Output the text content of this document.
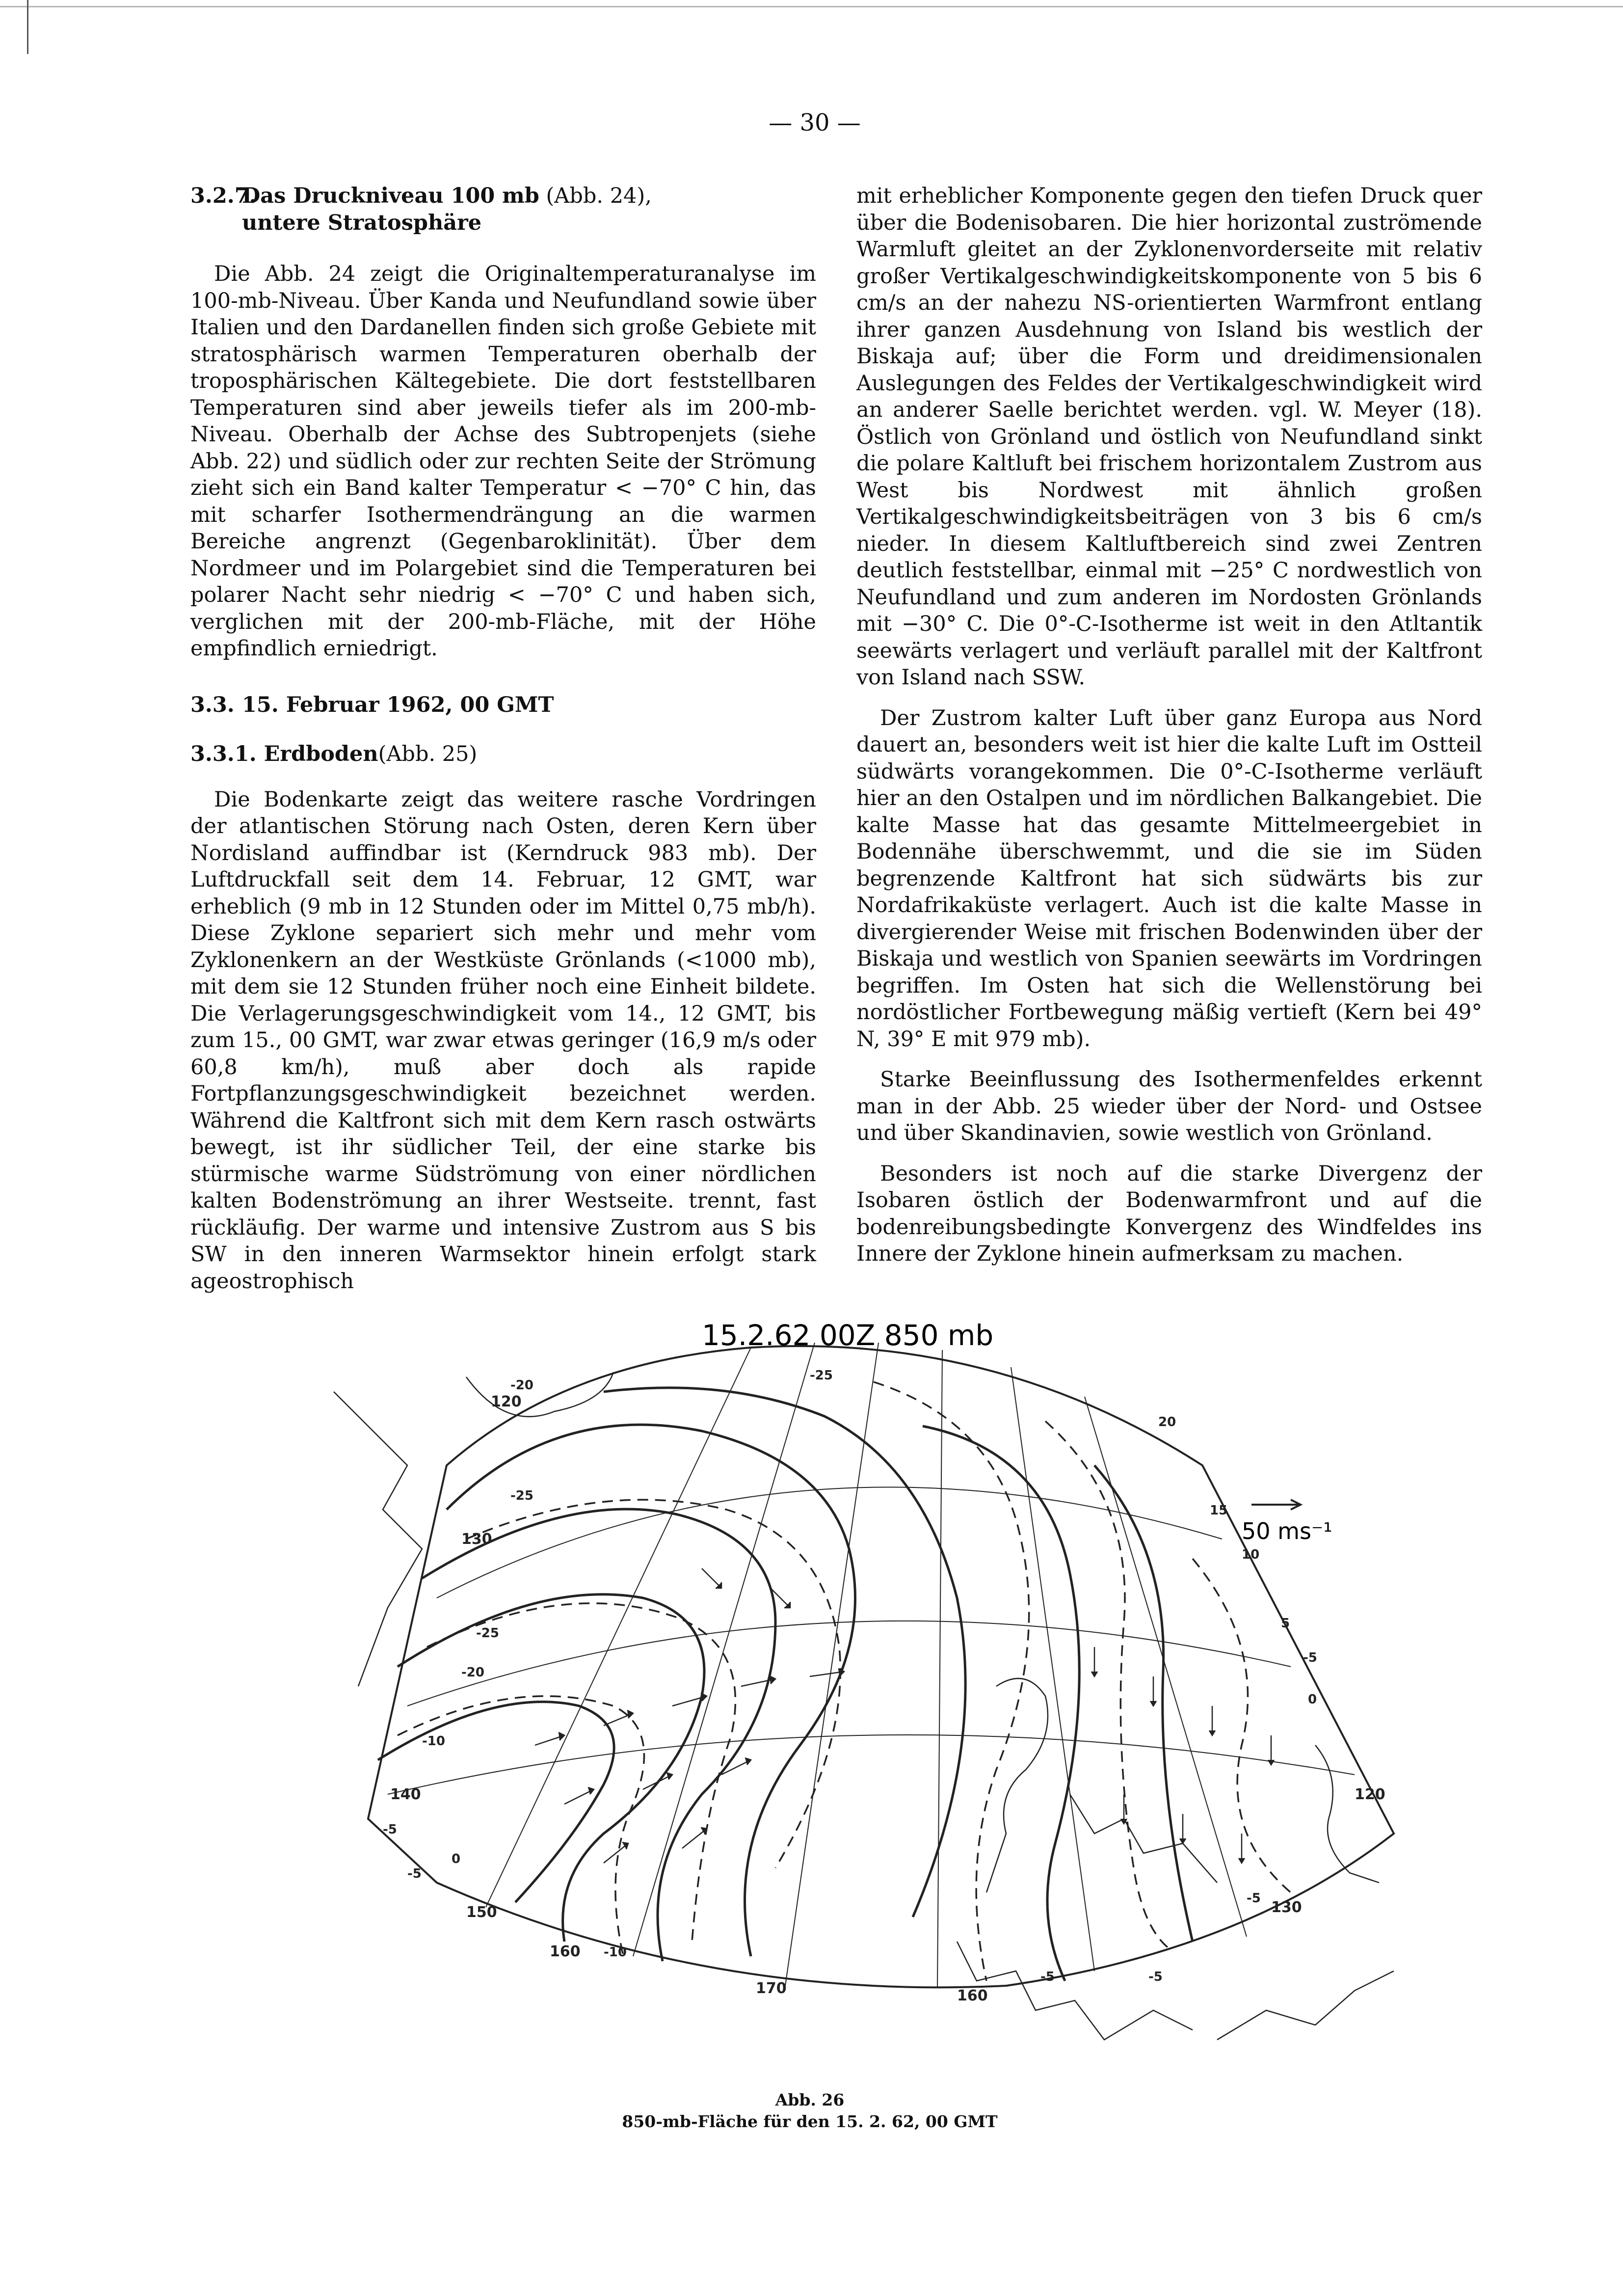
— 30 —
3.2.7.
Das Druckniveau 100 mb (Abb. 24),
untere Stratosphäre

Die Abb. 24 zeigt die Originaltemperaturanalyse im 100-mb-Niveau. Über Kanda und Neufundland sowie über Italien und den Dardanellen finden sich große Gebiete mit stratosphärisch warmen Temperaturen oberhalb der troposphärischen Kältegebiete. Die dort feststellbaren Temperaturen sind aber jeweils tiefer als im 200-mb-Niveau. Oberhalb der Achse des Subtropenjets (siehe Abb. 22) und südlich oder zur rechten Seite der Strömung zieht sich ein Band kalter Temperatur < −70° C hin, das mit scharfer Isothermendrängung an die warmen Bereiche angrenzt (Gegenbaroklinität). Über dem Nordmeer und im Polargebiet sind die Temperaturen bei polarer Nacht sehr niedrig < −70° C und haben sich, verglichen mit der 200-mb-Fläche, mit der Höhe empfindlich erniedrigt.

3.3. 15. Februar 1962, 00 GMT
3.3.1.
Erdboden (Abb. 25)

Die Bodenkarte zeigt das weitere rasche Vordringen der atlantischen Störung nach Osten, deren Kern über Nordisland auffindbar ist (Kerndruck 983 mb). Der Luftdruckfall seit dem 14. Februar, 12 GMT, war erheblich (9 mb in 12 Stunden oder im Mittel 0,75 mb/h). Diese Zyklone separiert sich mehr und mehr vom Zyklonenkern an der Westküste Grönlands (<1000 mb), mit dem sie 12 Stunden früher noch eine Einheit bildete. Die Verlagerungsgeschwindigkeit vom 14., 12 GMT, bis zum 15., 00 GMT, war zwar etwas geringer (16,9 m/s oder 60,8 km/h), muß aber doch als rapide Fortpflanzungsgeschwindigkeit bezeichnet werden. Während die Kaltfront sich mit dem Kern rasch ostwärts bewegt, ist ihr südlicher Teil, der eine starke bis stürmische warme Südströmung von einer nördlichen kalten Bodenströmung an ihrer Westseite. trennt, fast rückläufig. Der warme und intensive Zustrom aus S bis SW in den inneren Warmsektor hinein erfolgt stark ageostrophisch

mit erheblicher Komponente gegen den tiefen Druck quer über die Bodenisobaren. Die hier horizontal zuströmende Warmluft gleitet an der Zyklonenvorderseite mit relativ großer Vertikalgeschwindigkeitskomponente von 5 bis 6 cm/s an der nahezu NS-orientierten Warmfront entlang ihrer ganzen Ausdehnung von Island bis westlich der Biskaja auf; über die Form und dreidimensionalen Auslegungen des Feldes der Vertikalgeschwindigkeit wird an anderer Saelle berichtet werden. vgl. W. Meyer (18). Östlich von Grönland und östlich von Neufundland sinkt die polare Kaltluft bei frischem horizontalem Zustrom aus West bis Nordwest mit ähnlich großen Vertikalgeschwindigkeitsbeiträgen von 3 bis 6 cm/s nieder. In diesem Kaltluftbereich sind zwei Zentren deutlich feststellbar, einmal mit −25° C nordwestlich von Neufundland und zum anderen im Nordosten Grönlands mit −30° C. Die 0°-C-Isotherme ist weit in den Atltantik seewärts verlagert und verläuft parallel mit der Kaltfront von Island nach SSW.

Der Zustrom kalter Luft über ganz Europa aus Nord dauert an, besonders weit ist hier die kalte Luft im Ostteil südwärts vorangekommen. Die 0°-C-Isotherme verläuft hier an den Ostalpen und im nördlichen Balkangebiet. Die kalte Masse hat das gesamte Mittelmeergebiet in Bodennähe überschwemmt, und die sie im Süden begrenzende Kaltfront hat sich südwärts bis zur Nordafrikaküste verlagert. Auch ist die kalte Masse in divergierender Weise mit frischen Bodenwinden über der Biskaja und westlich von Spanien seewärts im Vordringen begriffen. Im Osten hat sich die Wellenstörung bei nordöstlicher Fortbewegung mäßig vertieft (Kern bei 49° N, 39° E mit 979 mb).

Starke Beeinflussung des Isothermenfeldes erkennt man in der Abb. 25 wieder über der Nord- und Ostsee und über Skandinavien, sowie westlich von Grönland.

Besonders ist noch auf die starke Divergenz der Isobaren östlich der Bodenwarmfront und auf die bodenreibungsbedingte Konvergenz des Windfeldes ins Innere der Zyklone hinein aufmerksam zu machen.

15.2.62 00Z 850 mb
50 ms⁻¹
120
130
140
150
160
170	160
130
120
-20
-25
-25
-25
-20
-10
-5
-5
0
-10
20
15
10
5
-5
0
-5
-5
-5
Abb. 26
850-mb-Fläche für den 15. 2. 62, 00 GMT
